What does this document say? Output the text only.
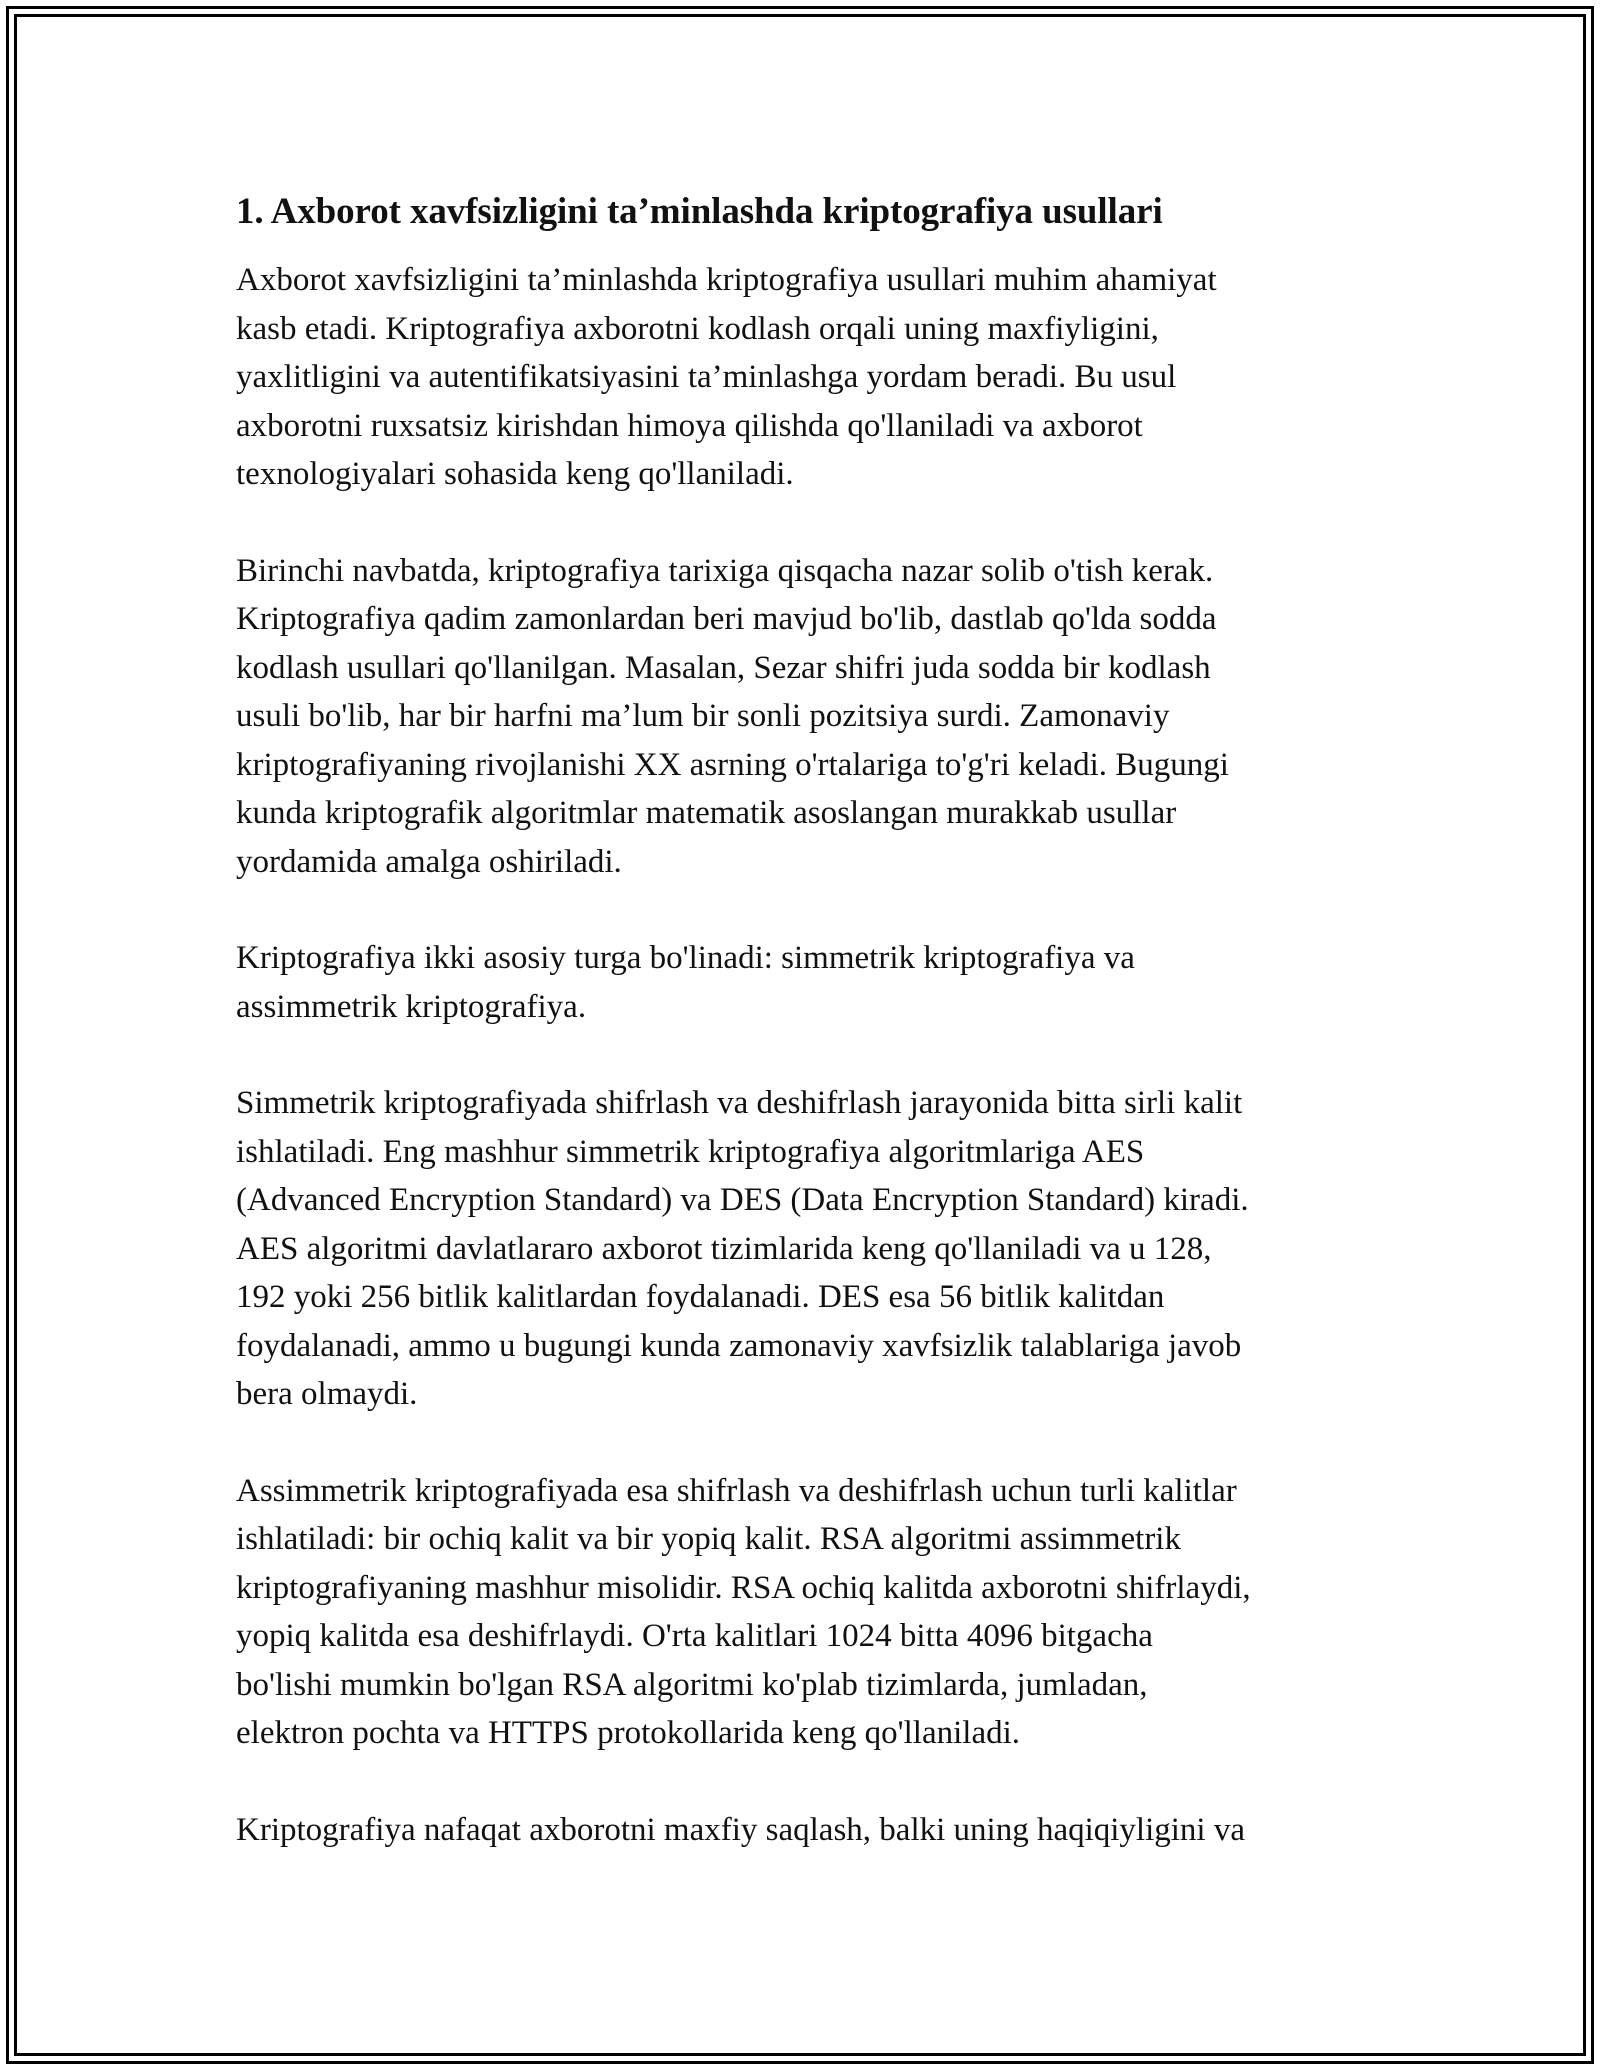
1. Axborot xavfsizligini ta’minlashda kriptografiya usullari

Axborot xavfsizligini ta’minlashda kriptografiya usullari muhim ahamiyat
kasb etadi. Kriptografiya axborotni kodlash orqali uning maxfiyligini,
yaxlitligini va autentifikatsiyasini ta’minlashga yordam beradi. Bu usul
axborotni ruxsatsiz kirishdan himoya qilishda qo'llaniladi va axborot
texnologiyalari sohasida keng qo'llaniladi.

Birinchi navbatda, kriptografiya tarixiga qisqacha nazar solib o'tish kerak.
Kriptografiya qadim zamonlardan beri mavjud bo'lib, dastlab qo'lda sodda
kodlash usullari qo'llanilgan. Masalan, Sezar shifri juda sodda bir kodlash
usuli bo'lib, har bir harfni ma’lum bir sonli pozitsiya surdi. Zamonaviy
kriptografiyaning rivojlanishi XX asrning o'rtalariga to'g'ri keladi. Bugungi
kunda kriptografik algoritmlar matematik asoslangan murakkab usullar
yordamida amalga oshiriladi.

Kriptografiya ikki asosiy turga bo'linadi: simmetrik kriptografiya va
assimmetrik kriptografiya.

Simmetrik kriptografiyada shifrlash va deshifrlash jarayonida bitta sirli kalit
ishlatiladi. Eng mashhur simmetrik kriptografiya algoritmlariga AES
(Advanced Encryption Standard) va DES (Data Encryption Standard) kiradi.
AES algoritmi davlatlararo axborot tizimlarida keng qo'llaniladi va u 128,
192 yoki 256 bitlik kalitlardan foydalanadi. DES esa 56 bitlik kalitdan
foydalanadi, ammo u bugungi kunda zamonaviy xavfsizlik talablariga javob
bera olmaydi.

Assimmetrik kriptografiyada esa shifrlash va deshifrlash uchun turli kalitlar
ishlatiladi: bir ochiq kalit va bir yopiq kalit. RSA algoritmi assimmetrik
kriptografiyaning mashhur misolidir. RSA ochiq kalitda axborotni shifrlaydi,
yopiq kalitda esa deshifrlaydi. O'rta kalitlari 1024 bitta 4096 bitgacha
bo'lishi mumkin bo'lgan RSA algoritmi ko'plab tizimlarda, jumladan,
elektron pochta va HTTPS protokollarida keng qo'llaniladi.

Kriptografiya nafaqat axborotni maxfiy saqlash, balki uning haqiqiyligini va
